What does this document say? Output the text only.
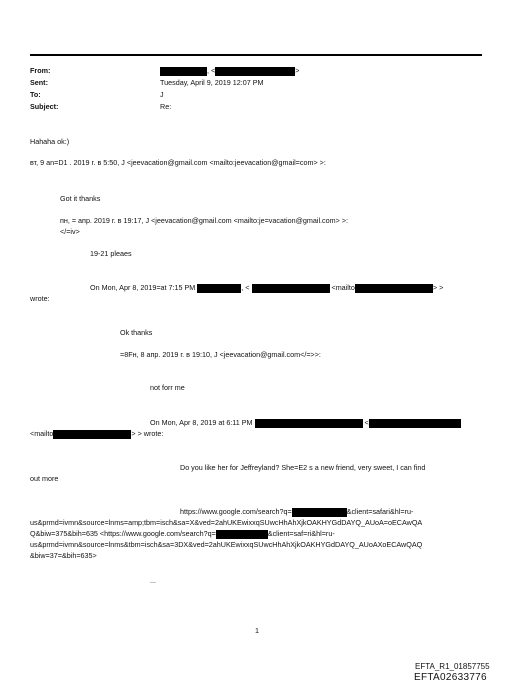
From:	, <	>
Sent:	Tuesday, April 9, 2019 12:07 PM
To:	J
Subject:	Re:
Hahaha ok:)
вт, 9 an=D1 . 2019 r. в 5:50, J <jeevacation@gmail.com <mailto:jeevacation@gmail=com> >:
Got it thanks
пн, = апр. 2019 г. в 19:17, J <jeevacation@gmail.com <mailto:je=vacation@gmail.com> >:
</=iv>
19-21 pleaes
On Mon, Apr 8, 2019=at 7:15 PM	, <	<mailto	> >
wrote:
Ok thanks
=8Fн, 8 апр. 2019 г. в 19:10, J <jeevacation@gmail.com</=>>:
not forr me
On Mon, Apr 8, 2019 at 6:11 PM	<
<mailto	> > wrote:
Do you like her for Jeffreyland? She=E2 s a new friend, very sweet, I can find
out more
https://www.google.com/search?q=	&client=safari&hl=ru-
us&prmd=ivmn&source=lnms=amp;tbm=isch&sa=X&ved=2ahUKEwixxqSUwcHhAhXjkOAKHYGdDAYQ_AUoA=oECAwQA
Q&biw=375&bih=635 <https://www.google.com/search?q=	&client=saf=ri&hl=ru-
us&prmd=ivmn&source=lnms&tbm=isch&sa=3DX&ved=2ahUKEwixxqSUwcHhAhXjkOAKHYGdDAYQ_AUoAXoECAwQAQ
&biw=37=&bih=635>
...
1
EFTA_R1_01857755
EFTA02633776
